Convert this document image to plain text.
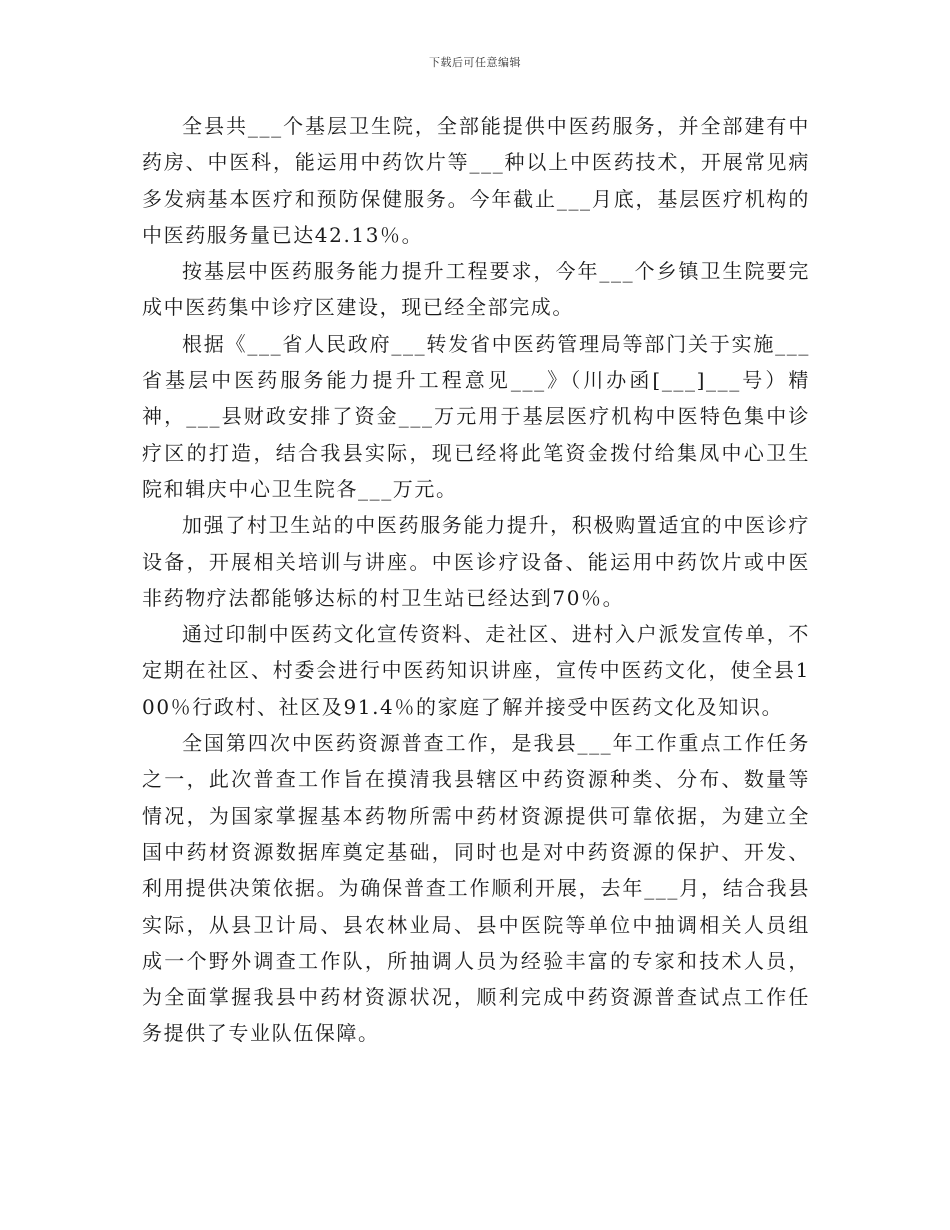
下载后可任意编辑

全县共___个基层卫生院，全部能提供中医药服务，并全部建有中药房、中医科，能运用中药饮片等___种以上中医药技术，开展常见病多发病基本医疗和预防保健服务。今年截止___月底，基层医疗机构的中医药服务量已达42.13％。

按基层中医药服务能力提升工程要求，今年___个乡镇卫生院要完成中医药集中诊疗区建设，现已经全部完成。

根据《___省人民政府___转发省中医药管理局等部门关于实施___省基层中医药服务能力提升工程意见___》（川办函[___]___号）精神，___县财政安排了资金___万元用于基层医疗机构中医特色集中诊疗区的打造，结合我县实际，现已经将此笔资金拨付给集凤中心卫生院和辑庆中心卫生院各___万元。

加强了村卫生站的中医药服务能力提升，积极购置适宜的中医诊疗设备，开展相关培训与讲座。中医诊疗设备、能运用中药饮片或中医非药物疗法都能够达标的村卫生站已经达到70％。

通过印制中医药文化宣传资料、走社区、进村入户派发宣传单，不定期在社区、村委会进行中医药知识讲座，宣传中医药文化，使全县100％行政村、社区及91.4％的家庭了解并接受中医药文化及知识。

全国第四次中医药资源普查工作，是我县___年工作重点工作任务之一，此次普查工作旨在摸清我县辖区中药资源种类、分布、数量等情况，为国家掌握基本药物所需中药材资源提供可靠依据，为建立全国中药材资源数据库奠定基础，同时也是对中药资源的保护、开发、利用提供决策依据。为确保普查工作顺利开展，去年___月，结合我县实际，从县卫计局、县农林业局、县中医院等单位中抽调相关人员组成一个野外调查工作队，所抽调人员为经验丰富的专家和技术人员，为全面掌握我县中药材资源状况，顺利完成中药资源普查试点工作任务提供了专业队伍保障。
